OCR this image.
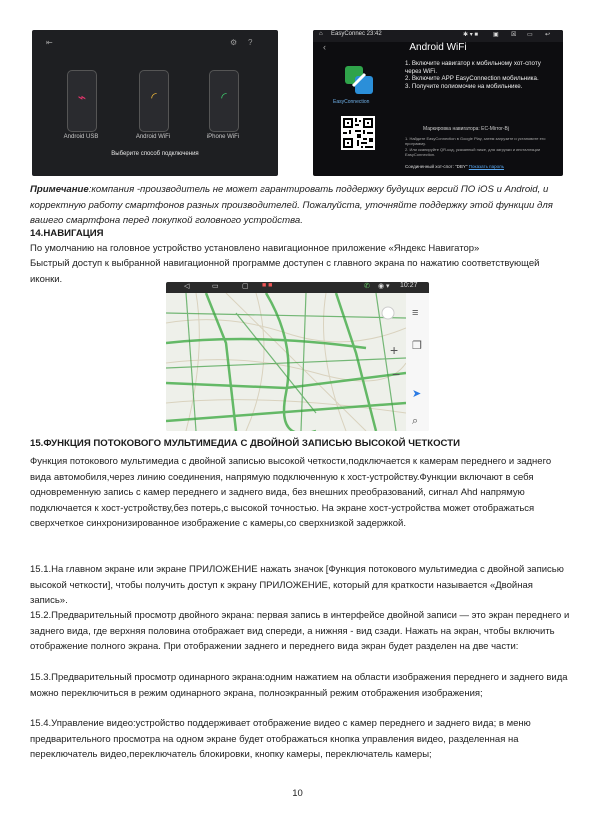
⇤	⚙ ?
⌁	◜	◜
Android USB	Android WiFi	iPhone WiFi
Выберите способ подключения
⌂ EasyConnec 23:42	✱ ▾ ■	▣ ☒ ▭ ↩
‹	Android WiFi
EasyConnection
1. Включите навигатор к мобильному хот-споту через WiFi.
2. Включите APP EasyConnection мобильника.
3. Получите полиомочие на мобильнике.
Маркировка навигатора: EC-Mirror-Bj
1. Найдите EasyConnection в Google Play, затем загрузите и установите его программу.
2. Или сканируйте QR-код, указанный ниже, для загрузки и инсталляции EasyConnection.
Соединенный хот-спот: "DBY" Показать пароль
Примечание:компания -производитель не может гарантировать поддержку будущих версий ПО iOS и Android, и корректную работу смартфонов разных производителей. Пожалуйста, уточняйте поддержку этой функции для вашего смартфона перед покупкой головного устройства.
14.НАВИГАЦИЯ
По умолчанию на головное устройство установлено навигационное приложение «Яндекс Навигатор»
Быстрый доступ к выбранной навигационной программе доступен с главного экрана по нажатию соответствующей иконки.
◁	▭	▢ ■ ■	✆ ◉ ▾ 10:27
≡
❐
➤
⌕
+
−
15.ФУНКЦИЯ ПОТОКОВОГО МУЛЬТИМЕДИА С ДВОЙНОЙ ЗАПИСЬЮ ВЫСОКОЙ ЧЕТКОСТИ
Функция потокового мультимедиа с двойной записью высокой четкости,подключается к камерам переднего и заднего вида автомобиля,через линию соединения, напрямую подключенную к хост-устройству.Функции включают в себя одновременную запись с камер переднего и заднего вида, без внешних преобразований, сигнал Ahd напрямую подключается к хост-устройству,без потерь,с высокой точностью. На экране хост-устройства может отображаться сверхчеткое синхронизированное изображение с камеры,со сверхнизкой задержкой.
15.1.На главном экране или экране ПРИЛОЖЕНИЕ нажать значок [Функция потокового мультимедиа с двойной записью высокой четкости], чтобы получить доступ к экрану ПРИЛОЖЕНИЕ, который для краткости называется «Двойная запись».
15.2.Предварительный просмотр двойного экрана: первая запись в интерфейсе двойной записи — это экран переднего и заднего вида, где верхняя половина отображает вид спереди, а нижняя - вид сзади. Нажать на экран, чтобы включить отображение полного экрана. При отображении заднего и переднего вида экран будет разделен на две части:
15.3.Предварительный просмотр одинарного экрана:одним нажатием на области изображения переднего и заднего вида можно переключиться в режим одинарного экрана, полноэкранный режим отображения изображения;
15.4.Управление видео:устройство поддерживает отображение видео с камер переднего и заднего вида; в меню предварительного просмотра на одном экране будет отображаться кнопка управления видео, разделенная на переключатель видео,переключатель блокировки, кнопку камеры, переключатель камеры;
10
